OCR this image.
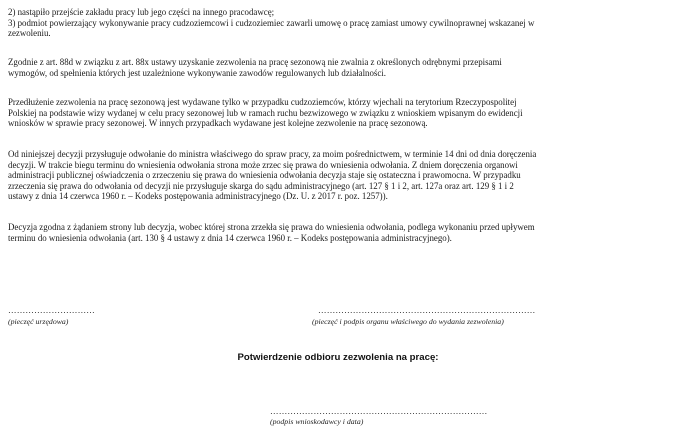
2) nastąpiło przejście zakładu pracy lub jego części na innego pracodawcę;
3) podmiot powierzający wykonywanie pracy cudzoziemcowi i cudzoziemiec zawarli umowę o pracę zamiast umowy cywilnoprawnej wskazanej w
zezwoleniu.
Zgodnie z art. 88d w związku z art. 88x ustawy uzyskanie zezwolenia na pracę sezonową nie zwalnia z określonych odrębnymi przepisami
wymogów, od spełnienia których jest uzależnione wykonywanie zawodów regulowanych lub działalności.
Przedłużenie zezwolenia na pracę sezonową jest wydawane tylko w przypadku cudzoziemców, którzy wjechali na terytorium Rzeczypospolitej
Polskiej na podstawie wizy wydanej w celu pracy sezonowej lub w ramach ruchu bezwizowego w związku z wnioskiem wpisanym do ewidencji
wniosków w sprawie pracy sezonowej. W innych przypadkach wydawane jest kolejne zezwolenie na pracę sezonową.
Od niniejszej decyzji przysługuje odwołanie do ministra właściwego do spraw pracy, za moim pośrednictwem, w terminie 14 dni od dnia doręczenia
decyzji. W trakcie biegu terminu do wniesienia odwołania strona może zrzec się prawa do wniesienia odwołania. Z dniem doręczenia organowi
administracji publicznej oświadczenia o zrzeczeniu się prawa do wniesienia odwołania decyzja staje się ostateczna i prawomocna. W przypadku
zrzeczenia się prawa do odwołania od decyzji nie przysługuje skarga do sądu administracyjnego (art. 127 § 1 i 2, art. 127a oraz art. 129 § 1 i 2
ustawy z dnia 14 czerwca 1960 r. – Kodeks postępowania administracyjnego (Dz. U. z 2017 r. poz. 1257)).
Decyzja zgodna z żądaniem strony lub decyzja, wobec której strona zrzekła się prawa do wniesienia odwołania, podlega wykonaniu przed upływem
terminu do wniesienia odwołania (art. 130 § 4 ustawy z dnia 14 czerwca 1960 r. – Kodeks postępowania administracyjnego).
…………………………
(pieczęć urzędowa)
…………………………………………………………………
(pieczęć i podpis organu właściwego do wydania zezwolenia)
Potwierdzenie odbioru zezwolenia na pracę:
…………………………………………………………………
(podpis wnioskodawcy i data)
